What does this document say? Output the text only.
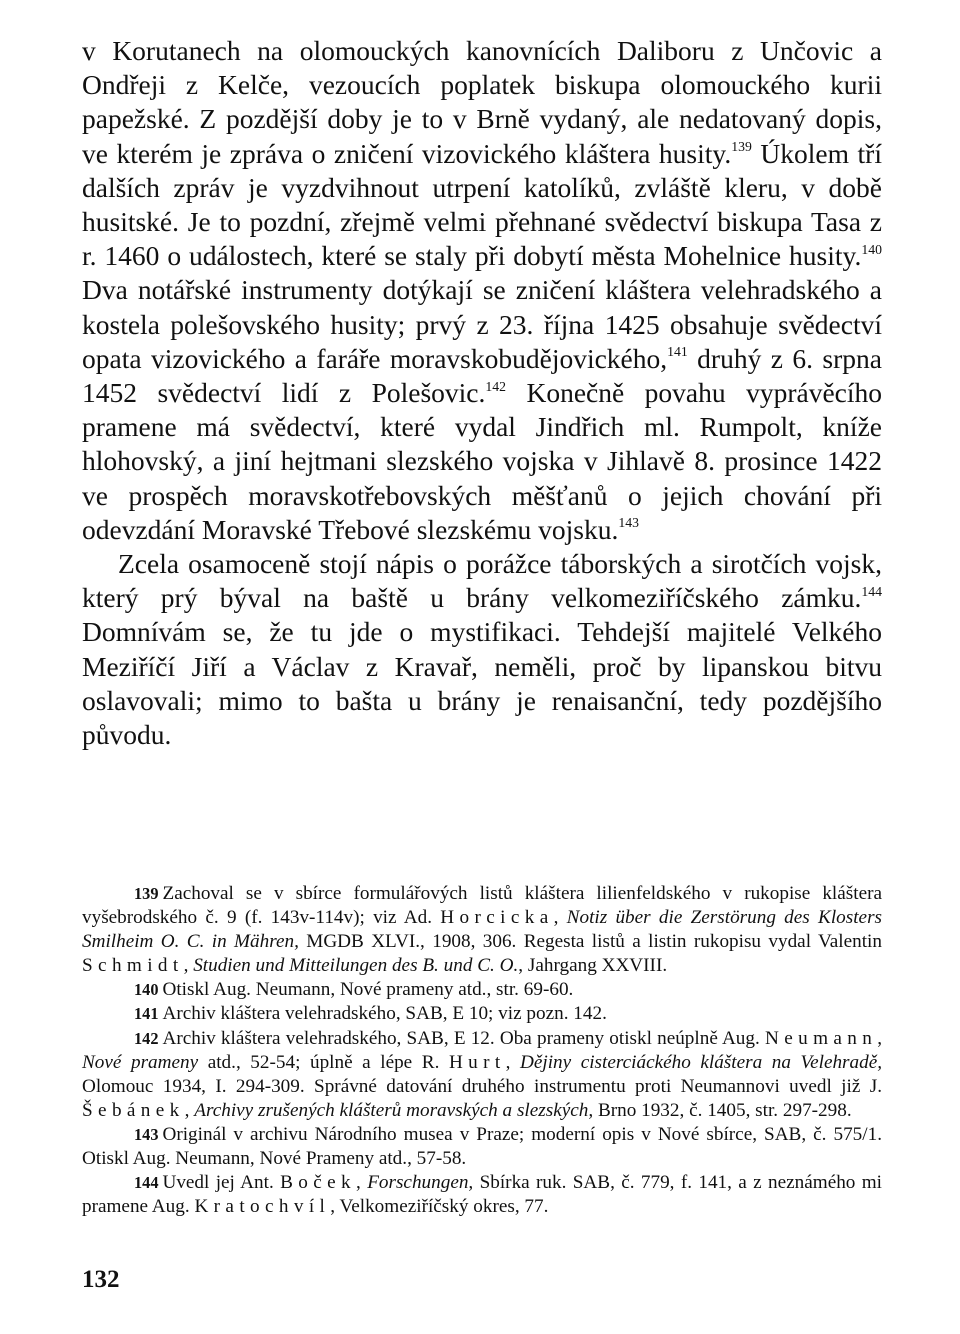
v Korutanech na olomouckých kanovnících Daliboru z Unčovic a Ondřeji z Kelče, vezoucích poplatek biskupa olomouckého kurii papežské. Z pozdější doby je to v Brně vydaný, ale nedatovaný dopis, ve kterém je zpráva o zničení vizovického kláštera husity.$^{139}$ Úkolem tří dalších zpráv je vyzdvihnout utrpení katolíků, zvláště kleru, v době husitské. Je to pozdní, zřejmě velmi přehnané svědectví biskupa Tasa z r. 1460 o událostech, které se staly při dobytí města Mohelnice husity.$^{140}$ Dva notářské instrumenty dotýkají se zničení kláštera velehradského a kostela polešovského husity; prvý z 23. října 1425 obsahuje svědectví opata vizovického a faráře moravskobudějovického,$^{141}$ druhý z 6. srpna 1452 svědectví lidí z Polešovic.$^{142}$ Konečně povahu vyprávěcího pramene má svědectví, které vydal Jindřich ml. Rumpolt, kníže hlohovský, a jiní hejtmani slezského vojska v Jihlavě 8. prosince 1422 ve prospěch moravskotřebovských měšťanů o jejich chování při odevzdání Moravské Třebové slezskému vojsku.$^{143}$

Zcela osamoceně stojí nápis o porážce táborských a sirotčích vojsk, který prý býval na baště u brány velkomeziříčského zámku.$^{144}$ Domnívám se, že tu jde o mystifikaci. Tehdejší majitelé Velkého Meziříčí Jiří a Václav z Kravař, neměli, proč by lipanskou bitvu oslavovali; mimo to bašta u brány je renaisanční, tedy pozdějšího původu.

139 Zachoval se v sbírce formulářových listů kláštera lilienfeldského v rukopise kláštera vyšebrodského č. 9 (f. 143v-114v); viz Ad. Horcicka, Notiz über die Zerstörung des Klosters Smilheim O. C. in Mähren, MGDB XLVI., 1908, 306. Regesta listů a listin rukopisu vydal Valentin Schmidt, Studien und Mitteilungen des B. und C. O., Jahrgang XXVIII.

140 Otiskl Aug. Neumann, Nové prameny atd., str. 69-60.

141 Archiv kláštera velehradského, SAB, E 10; viz pozn. 142.

142 Archiv kláštera velehradského, SAB, E 12. Oba prameny otiskl neúplně Aug. Neumann, Nové prameny atd., 52-54; úplně a lépe R. Hurt, Dějiny cisterciáckého kláštera na Velehradě, Olomouc 1934, I. 294-309. Správné datování druhého instrumentu proti Neumannovi uvedl již J. Šebánek, Archivy zrušených klášterů moravských a slezských, Brno 1932, č. 1405, str. 297-298.

143 Originál v archivu Národního musea v Praze; moderní opis v Nové sbírce, SAB, č. 575/1. Otiskl Aug. Neumann, Nové Prameny atd., 57-58.

144 Uvedl jej Ant. Boček, Forschungen, Sbírka ruk. SAB, č. 779, f. 141, a z neznámého mi pramene Aug. Kratochvíl, Velkomeziříčský okres, 77.

132
